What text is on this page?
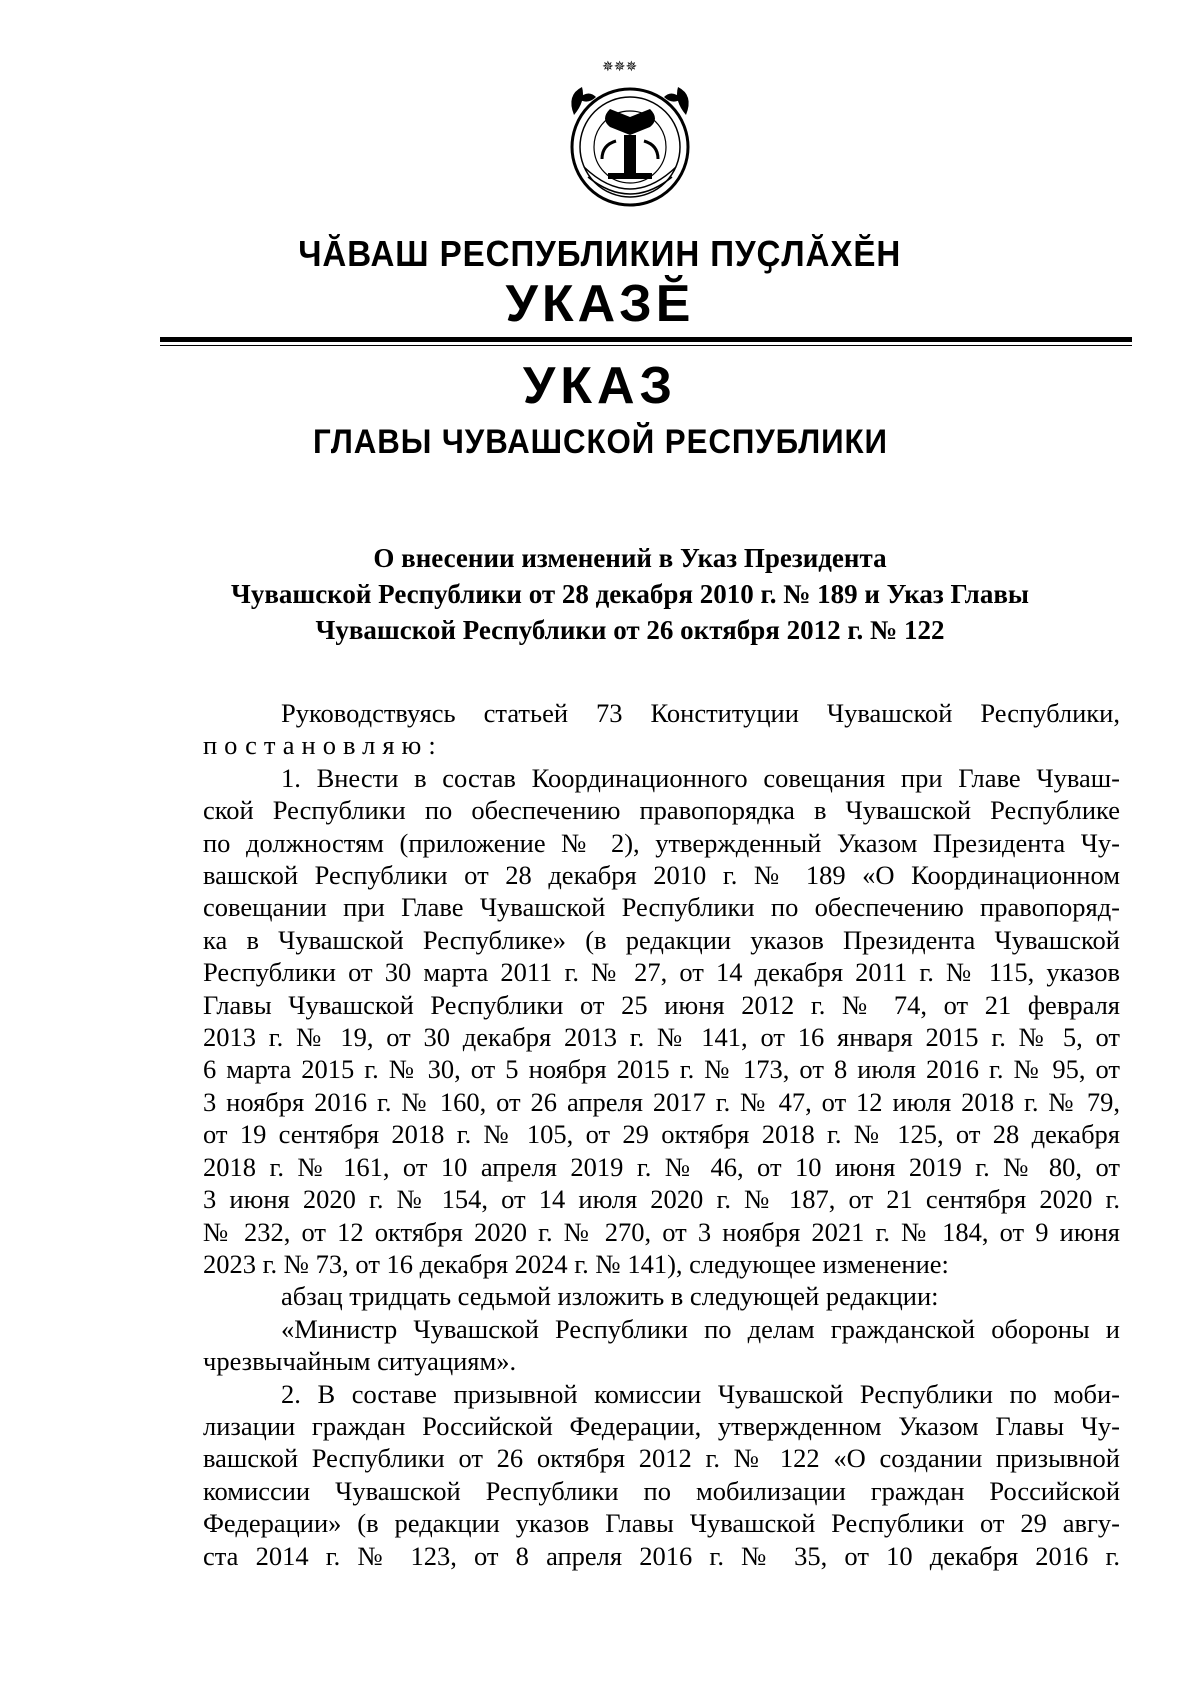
✵✵✵
ЧӐВАШ РЕСПУБЛИКИН ПУҪЛӐХӖН
УКАЗӖ
УКАЗ
ГЛАВЫ ЧУВАШСКОЙ РЕСПУБЛИКИ
О внесении изменений в Указ Президента
Чувашской Республики от 28 декабря 2010 г. № 189 и Указ Главы
Чувашской Республики от 26 октября 2012 г. № 122

Руководствуясь статьей 73 Конституции Чувашской Республики,

постановляю:

1. Внести в состав Координационного совещания при Главе Чуваш-

ской Республики по обеспечению правопорядка в Чувашской Республике

по должностям (приложение № 2), утвержденный Указом Президента Чу-

вашской Республики от 28 декабря 2010 г. № 189 «О Координационном

совещании при Главе Чувашской Республики по обеспечению правопоряд-

ка в Чувашской Республике» (в редакции указов Президента Чувашской

Республики от 30 марта 2011 г. № 27, от 14 декабря 2011 г. № 115, указов

Главы Чувашской Республики от 25 июня 2012 г. № 74, от 21 февраля

2013 г. № 19, от 30 декабря 2013 г. № 141, от 16 января 2015 г. № 5, от

6 марта 2015 г. № 30, от 5 ноября 2015 г. № 173, от 8 июля 2016 г. № 95, от

3 ноября 2016 г. № 160, от 26 апреля 2017 г. № 47, от 12 июля 2018 г. № 79,

от 19 сентября 2018 г. № 105, от 29 октября 2018 г. № 125, от 28 декабря

2018 г. № 161, от 10 апреля 2019 г. № 46, от 10 июня 2019 г. № 80, от

3 июня 2020 г. № 154, от 14 июля 2020 г. № 187, от 21 сентября 2020 г.

№ 232, от 12 октября 2020 г. № 270, от 3 ноября 2021 г. № 184, от 9 июня

2023 г. № 73, от 16 декабря 2024 г. № 141), следующее изменение:

абзац тридцать седьмой изложить в следующей редакции:

«Министр Чувашской Республики по делам гражданской обороны и

чрезвычайным ситуациям».

2. В составе призывной комиссии Чувашской Республики по моби-

лизации граждан Российской Федерации, утвержденном Указом Главы Чу-

вашской Республики от 26 октября 2012 г. № 122 «О создании призывной

комиссии Чувашской Республики по мобилизации граждан Российской

Федерации» (в редакции указов Главы Чувашской Республики от 29 авгу-

ста 2014 г. № 123, от 8 апреля 2016 г. № 35, от 10 декабря 2016 г.
